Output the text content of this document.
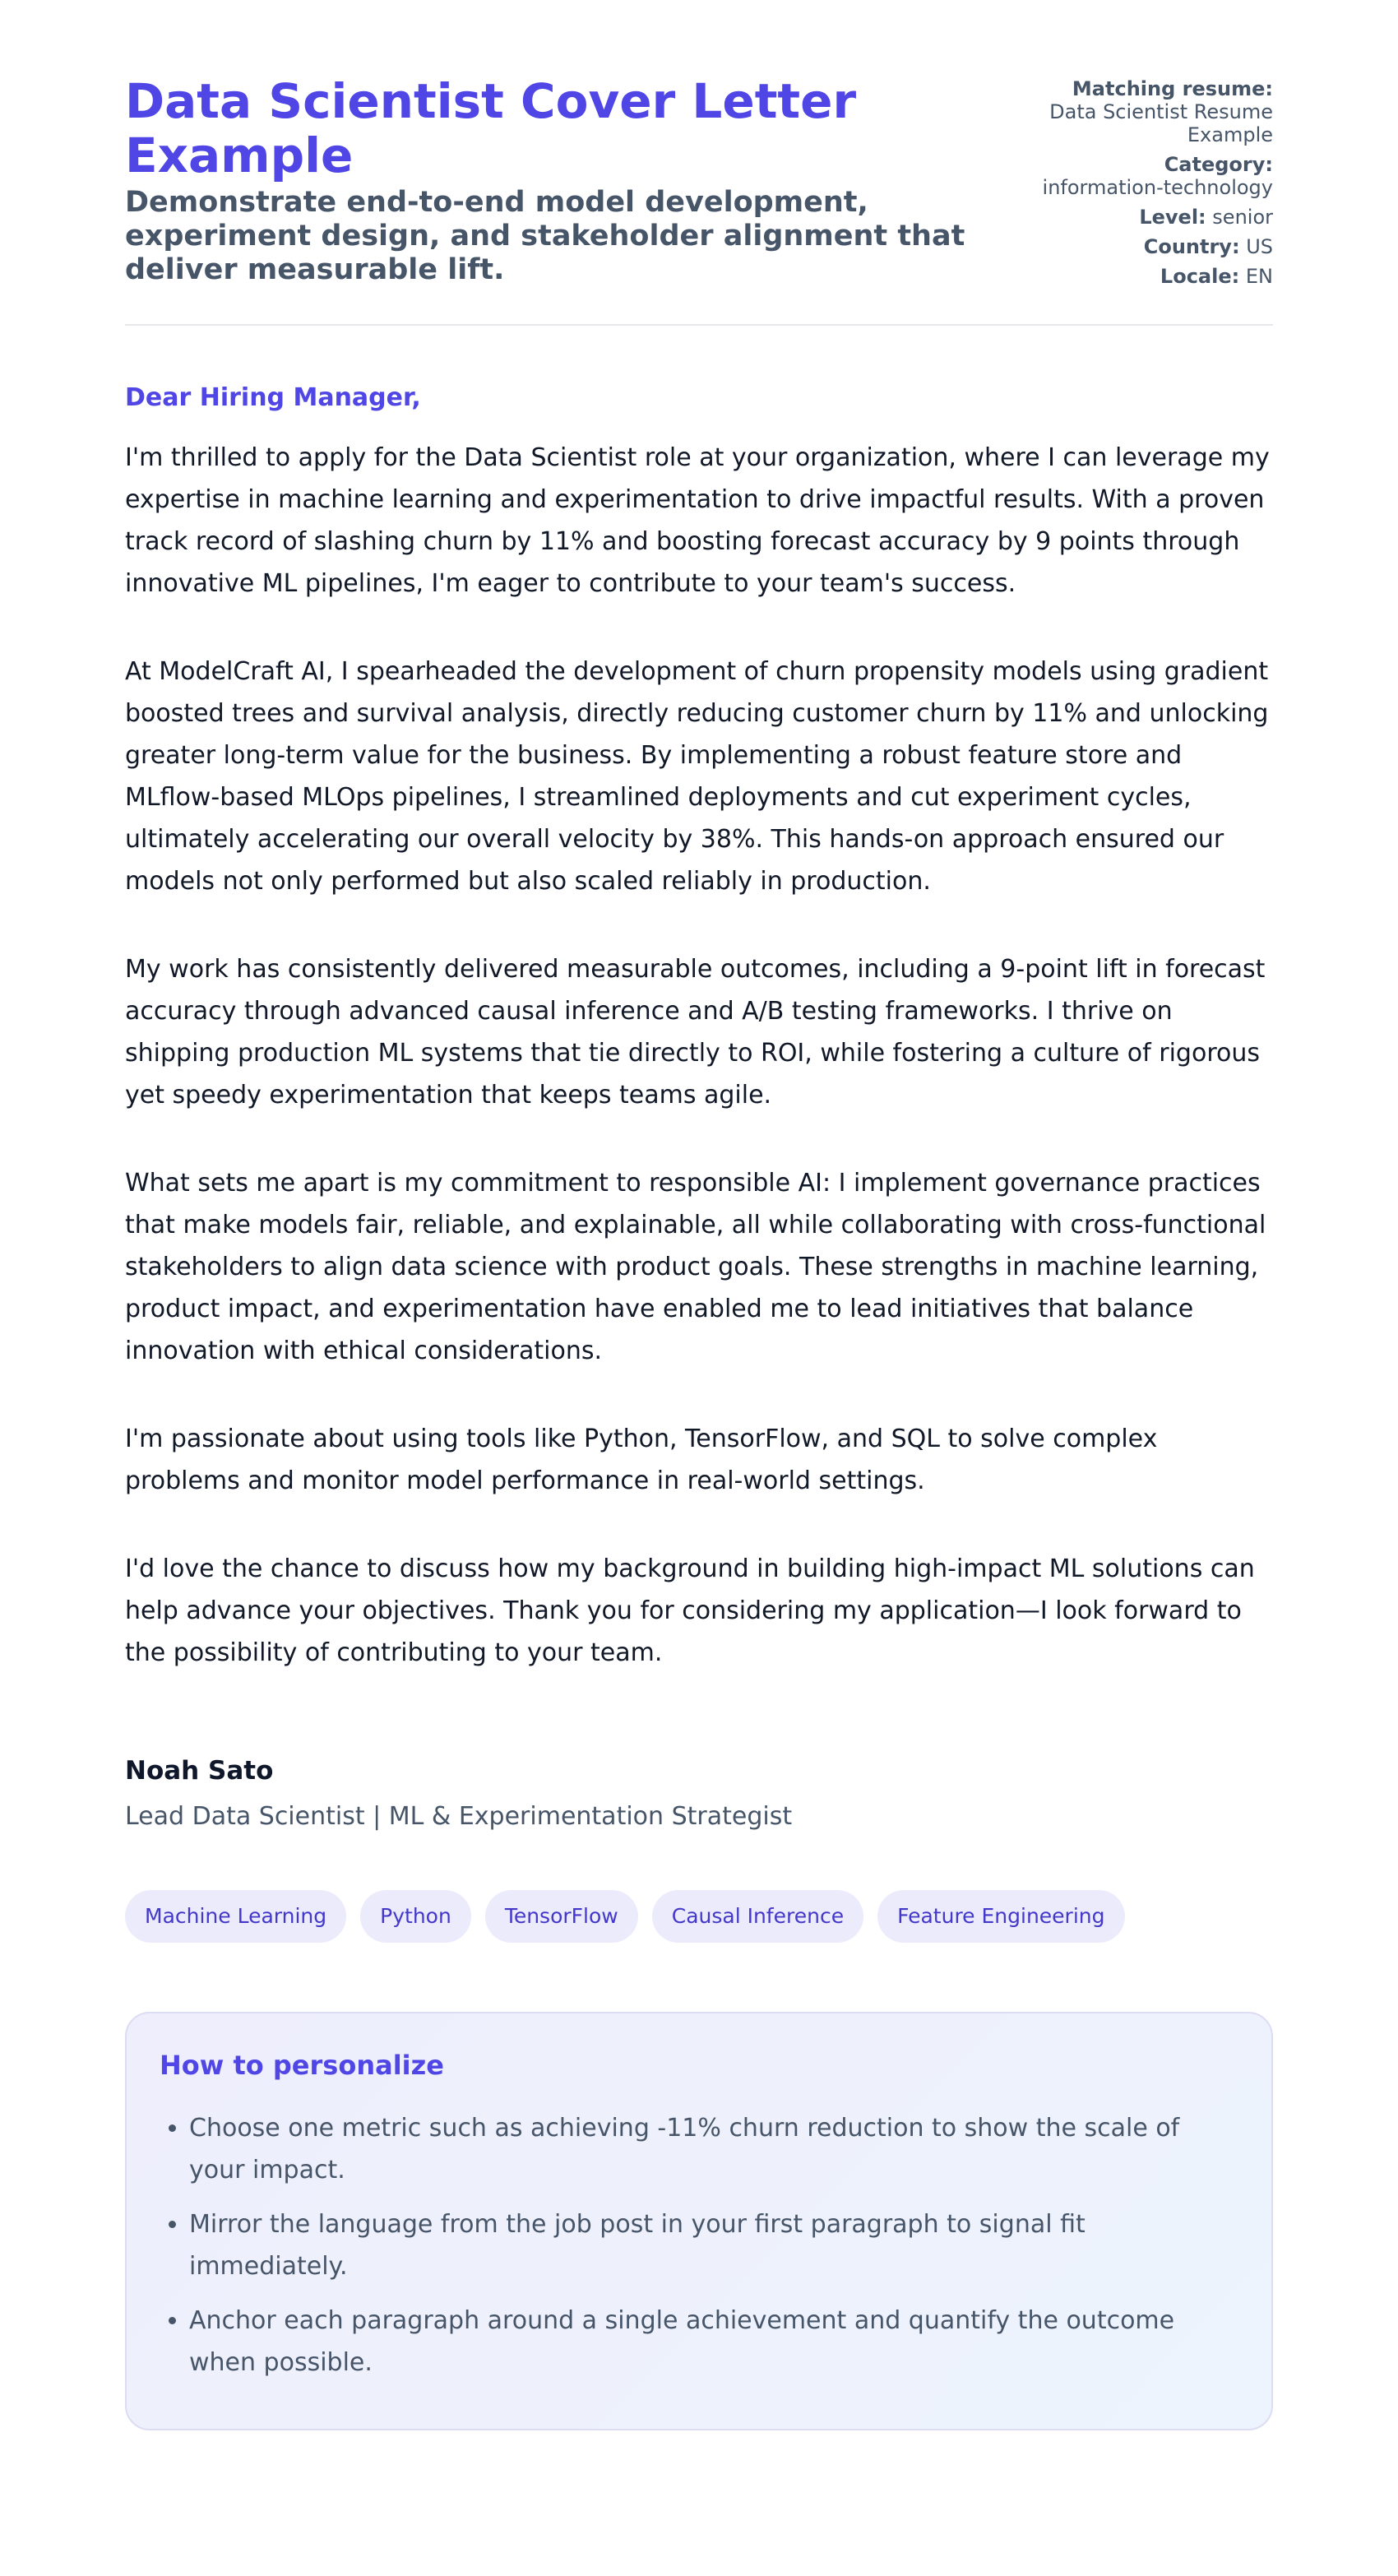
Data Scientist Cover Letter Example

Demonstrate end-to-end model development, experiment design, and stakeholder alignment that deliver measurable lift.

Matching resume:
Data Scientist Resume Example
Category:
information-technology
Level: senior
Country: US
Locale: EN
Dear Hiring Manager,

I'm thrilled to apply for the Data Scientist role at your organization, where I can leverage my expertise in machine learning and experimentation to drive impactful results. With a proven track record of slashing churn by 11% and boosting forecast accuracy by 9 points through innovative ML pipelines, I'm eager to contribute to your team's success.

At ModelCraft AI, I spearheaded the development of churn propensity models using gradient boosted trees and survival analysis, directly reducing customer churn by 11% and unlocking greater long-term value for the business. By implementing a robust feature store and MLflow-based MLOps pipelines, I streamlined deployments and cut experiment cycles, ultimately accelerating our overall velocity by 38%. This hands-on approach ensured our models not only performed but also scaled reliably in production.

My work has consistently delivered measurable outcomes, including a 9-point lift in forecast accuracy through advanced causal inference and A/B testing frameworks. I thrive on shipping production ML systems that tie directly to ROI, while fostering a culture of rigorous yet speedy experimentation that keeps teams agile.

What sets me apart is my commitment to responsible AI: I implement governance practices that make models fair, reliable, and explainable, all while collaborating with cross-functional stakeholders to align data science with product goals. These strengths in machine learning, product impact, and experimentation have enabled me to lead initiatives that balance innovation with ethical considerations.

I'm passionate about using tools like Python, TensorFlow, and SQL to solve complex problems and monitor model performance in real-world settings.

I'd love the chance to discuss how my background in building high-impact ML solutions can help advance your objectives. Thank you for considering my application—I look forward to the possibility of contributing to your team.

Noah Sato
Lead Data Scientist | ML & Experimentation Strategist
Machine Learning	Python	TensorFlow	Causal Inference	Feature Engineering
How to personalize
• Choose one metric such as achieving -11% churn reduction to show the scale of your impact.
• Mirror the language from the job post in your first paragraph to signal fit immediately.
• Anchor each paragraph around a single achievement and quantify the outcome when possible.
